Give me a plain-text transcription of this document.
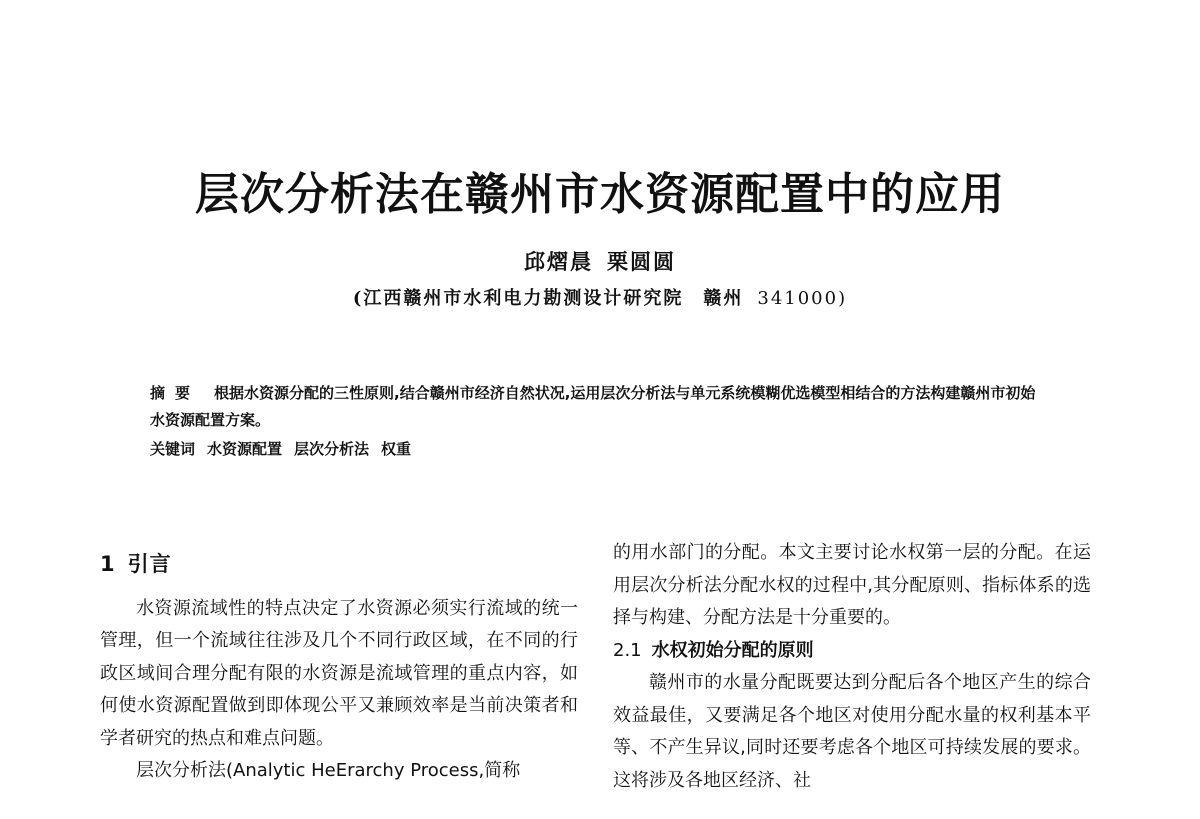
层次分析法在赣州市水资源配置中的应用
邱熠晨 栗圆圆
(江西赣州市水利电力勘测设计研究院　赣州 341000)
摘要 根据水资源分配的三性原则,结合赣州市经济自然状况,运用层次分析法与单元系统模糊优选模型相结合的方法构建赣州市初始水资源配置方案。
关键词 水资源配置 层次分析法 权重
1 引言

水资源流域性的特点决定了水资源必须实行流域的统一管理，但一个流域往往涉及几个不同行政区域，在不同的行政区域间合理分配有限的水资源是流域管理的重点内容，如何使水资源配置做到即体现公平又兼顾效率是当前决策者和学者研究的热点和难点问题。

层次分析法(Analytic HeErarchy Process,简称

的用水部门的分配。本文主要讨论水权第一层的分配。在运用层次分析法分配水权的过程中,其分配原则、指标体系的选择与构建、分配方法是十分重要的。

2.1 水权初始分配的原则

赣州市的水量分配既要达到分配后各个地区产生的综合效益最佳，又要满足各个地区对使用分配水量的权利基本平等、不产生异议,同时还要考虑各个地区可持续发展的要求。这将涉及各地区经济、社
